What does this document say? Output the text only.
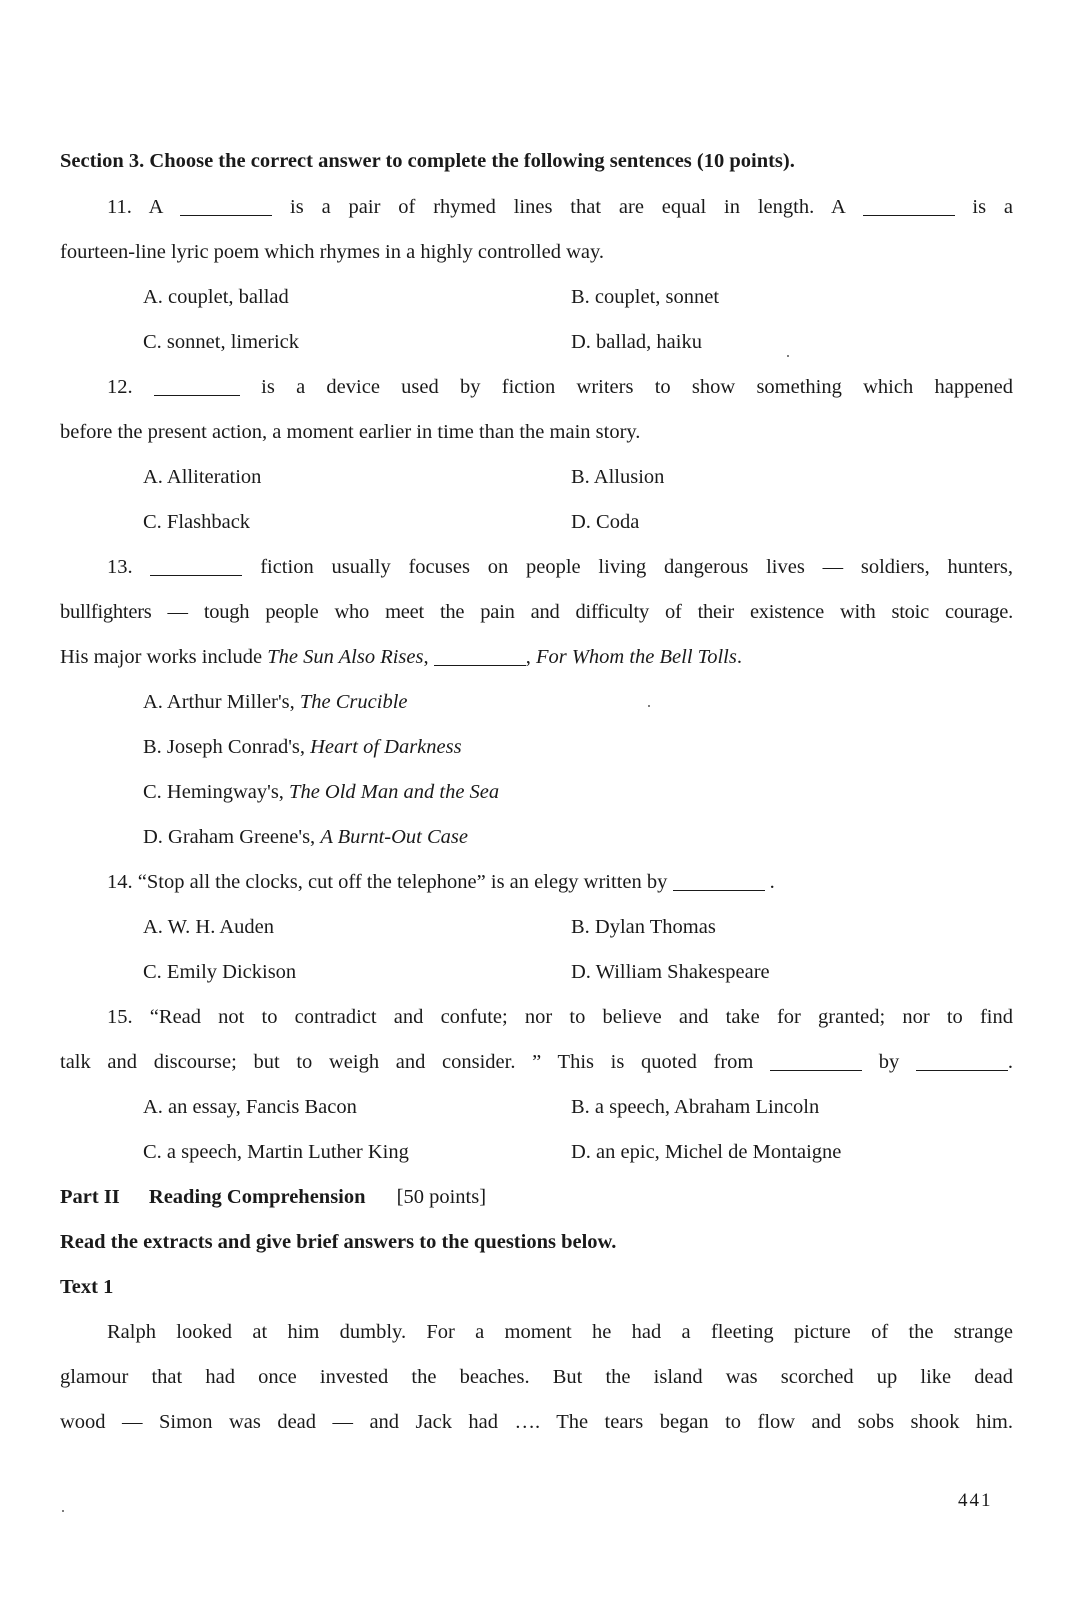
Section 3. Choose the correct answer to complete the following sentences (10 points).
11. A	is a pair of rhymed lines that are equal in length. A	is a
fourteen-line lyric poem which rhymes in a highly controlled way.
A. couplet, ballad	B. couplet, sonnet
C. sonnet, limerick	D. ballad, haiku
12.	is a device used by fiction writers to show something which happened
before the present action, a moment earlier in time than the main story.
A. Alliteration	B. Allusion
C. Flashback	D. Coda
13.	fiction usually focuses on people living dangerous lives — soldiers, hunters,
bullfighters — tough people who meet the pain and difficulty of their existence with stoic courage.
His major works include The Sun Also Rises,	, For Whom the Bell Tolls.
A. Arthur Miller's, The Crucible
B. Joseph Conrad's, Heart of Darkness
C. Hemingway's, The Old Man and the Sea
D. Graham Greene's, A Burnt-Out Case
14. “Stop all the clocks, cut off the telephone” is an elegy written by	.
A. W. H. Auden	B. Dylan Thomas
C. Emily Dickison	D. William Shakespeare
15. “Read not to contradict and confute; nor to believe and take for granted; nor to find
talk and discourse; but to weigh and consider. ” This is quoted from	by	.
A. an essay, Fancis Bacon	B. a speech, Abraham Lincoln
C. a speech, Martin Luther King	D. an epic, Michel de Montaigne
Part II Reading Comprehension [50 points]
Read the extracts and give brief answers to the questions below.
Text 1
Ralph looked at him dumbly. For a moment he had a fleeting picture of the strange
glamour that had once invested the beaches. But the island was scorched up like dead
wood — Simon was dead — and Jack had …. The tears began to flow and sobs shook him.
441
